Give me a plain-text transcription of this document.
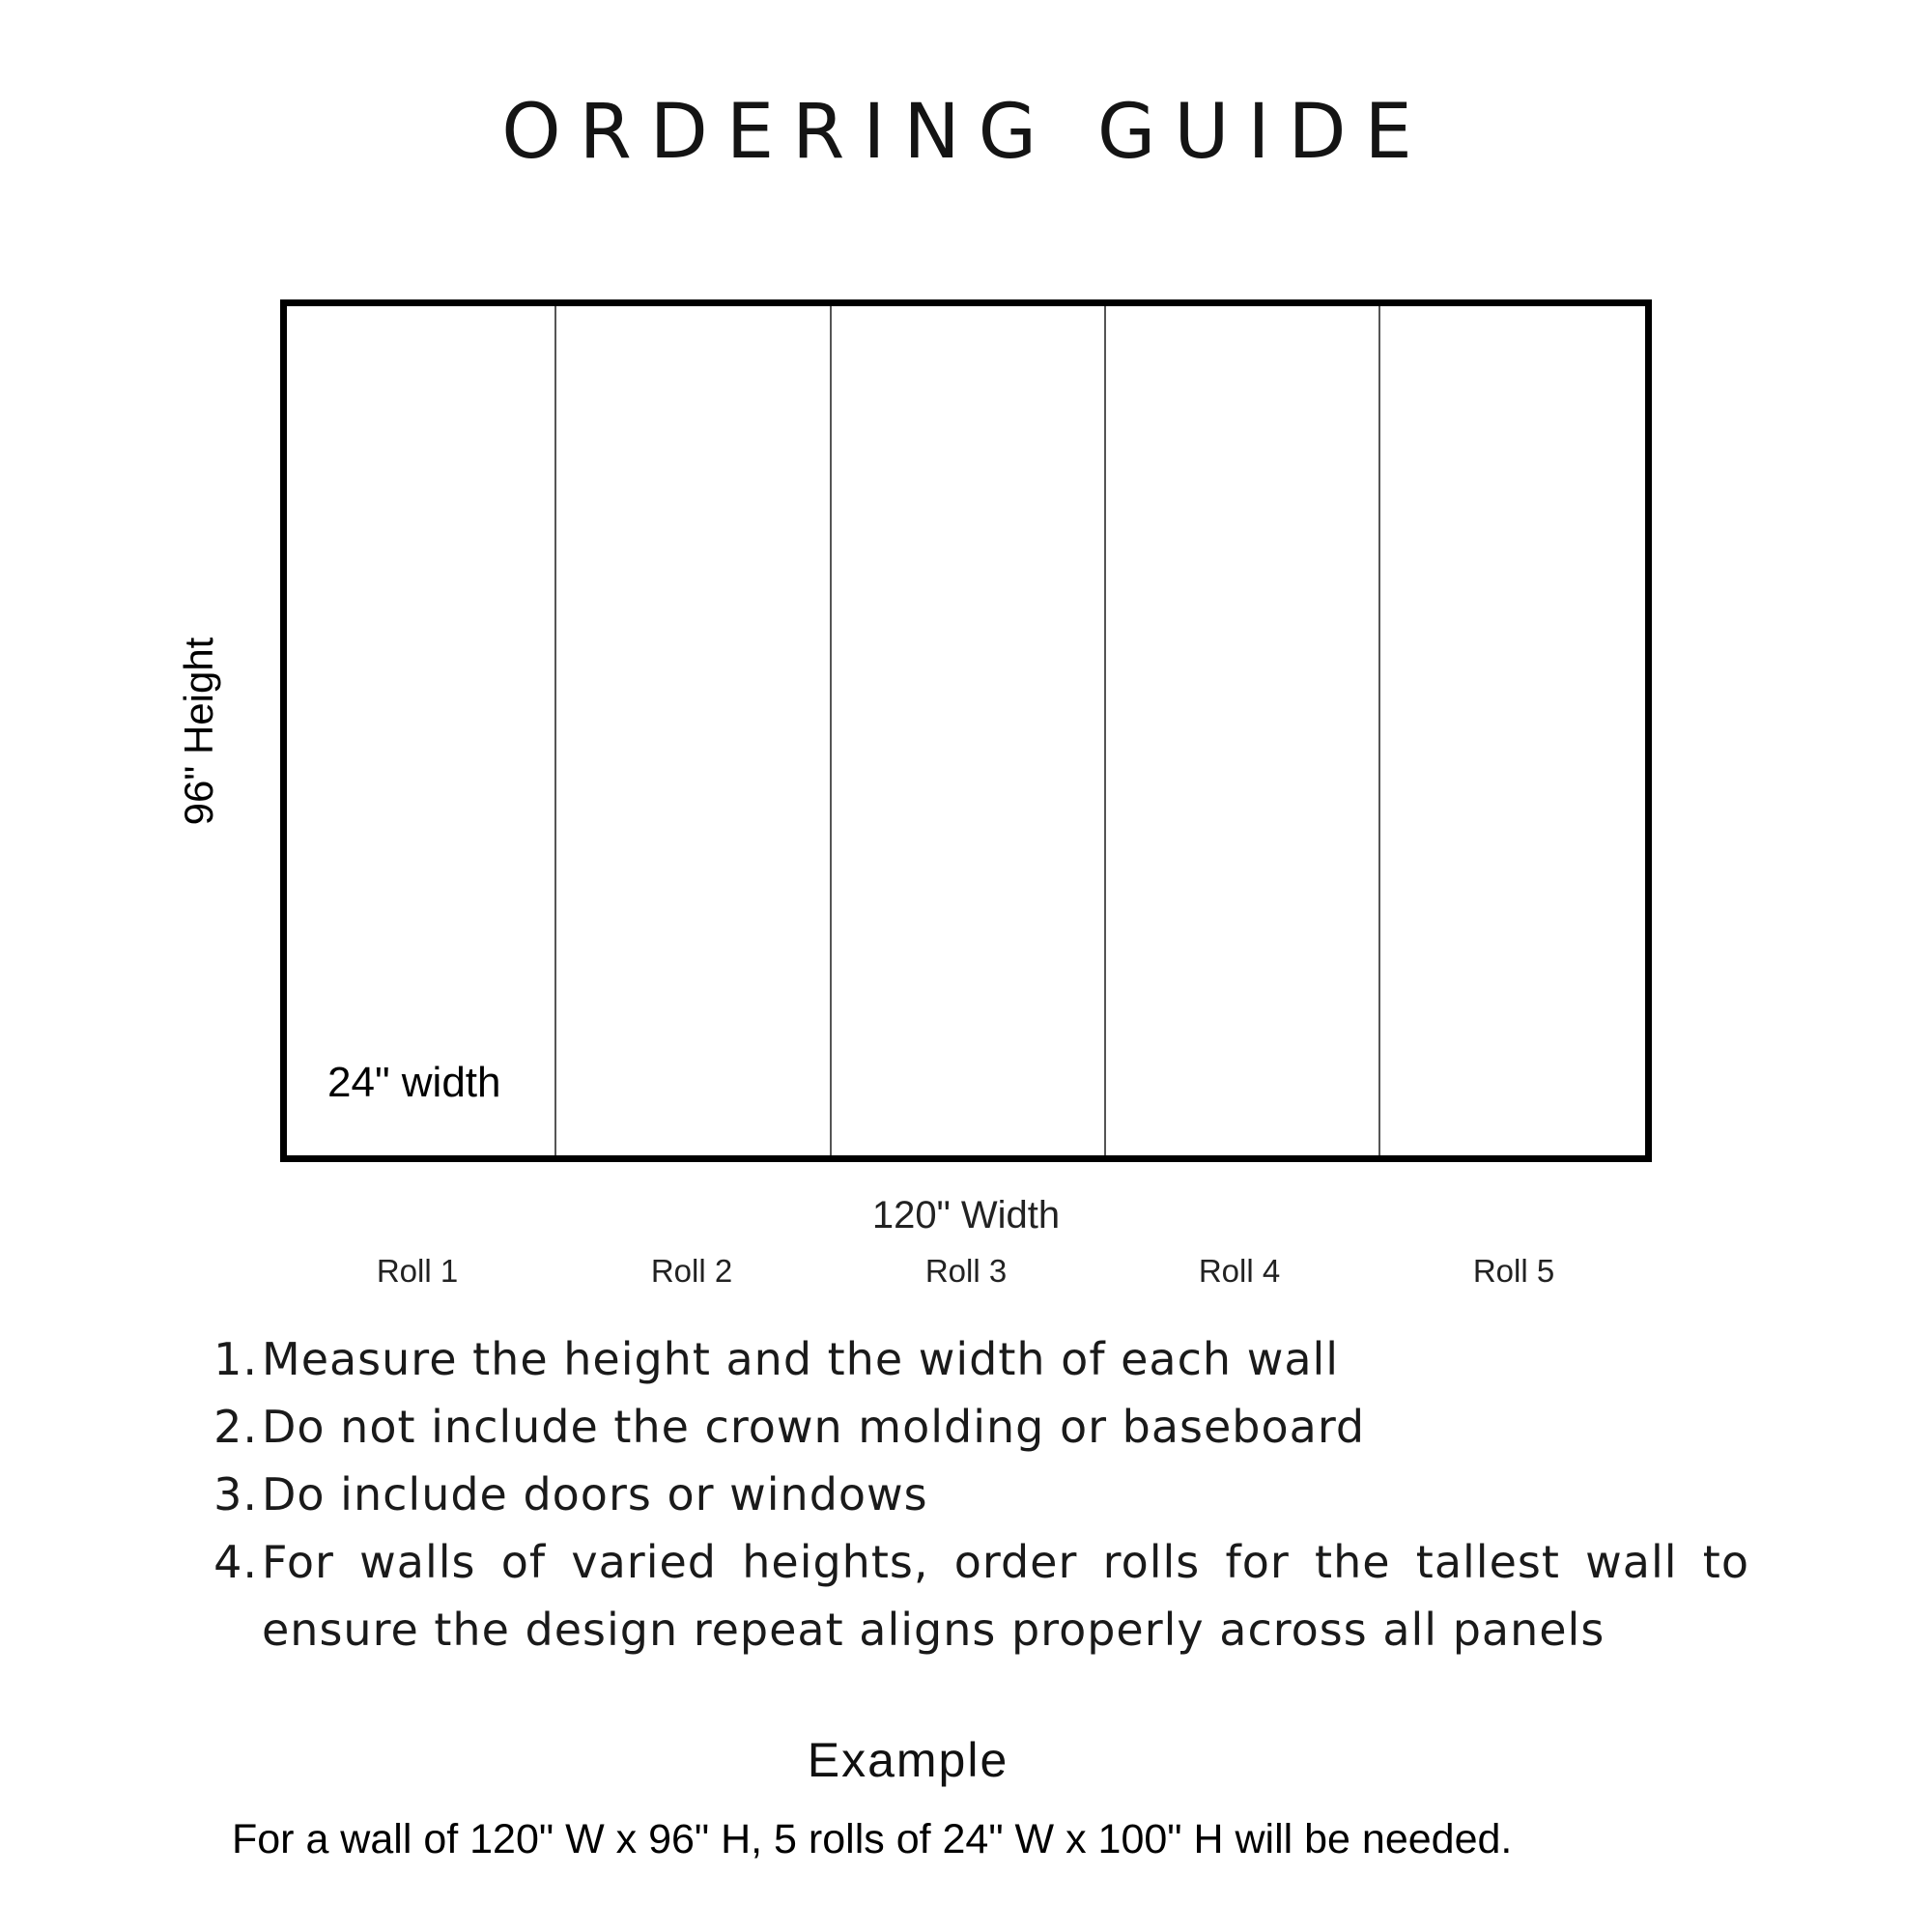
ORDERING GUIDE
24" width
96" Height
120" Width
Roll 1	Roll 2	Roll 3	Roll 4	Roll 5
1. Measure the height and the width of each wall
2. Do not include the crown molding or baseboard
3. Do include doors or windows
4. For walls of varied heights, order rolls for the tallest wall to ensure the design repeat aligns properly across all panels
Example
For a wall of 120" W x 96" H, 5 rolls of 24" W x 100" H will be needed.
